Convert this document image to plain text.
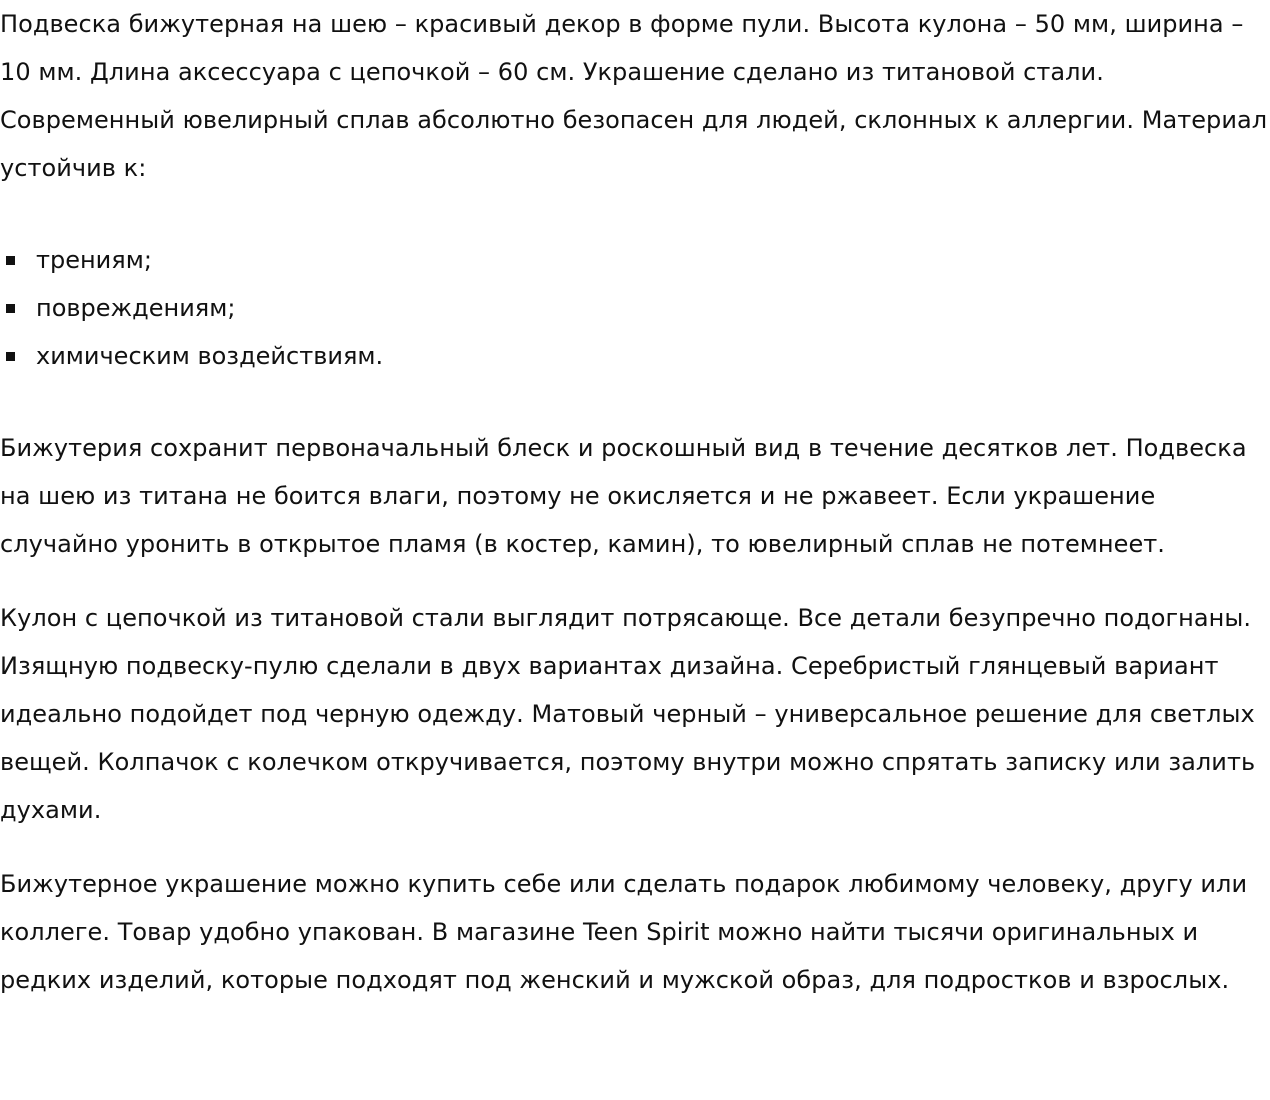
Подвеска бижутерная на шею – красивый декор в форме пули. Высота кулона – 50 мм, ширина – 10 мм. Длина аксессуара с цепочкой – 60 см. Украшение сделано из титановой стали. Современный ювелирный сплав абсолютно безопасен для людей, склонных к аллергии. Материал устойчив к:

трениям;
повреждениям;
химическим воздействиям.

Бижутерия сохранит первоначальный блеск и роскошный вид в течение десятков лет. Подвеска на шею из титана не боится влаги, поэтому не окисляется и не ржавеет. Если украшение случайно уронить в открытое пламя (в костер, камин), то ювелирный сплав не потемнеет.

Кулон с цепочкой из титановой стали выглядит потрясающе. Все детали безупречно подогнаны. Изящную подвеску-пулю сделали в двух вариантах дизайна. Серебристый глянцевый вариант идеально подойдет под черную одежду. Матовый черный – универсальное решение для светлых вещей. Колпачок с колечком откручивается, поэтому внутри можно спрятать записку или залить духами.

Бижутерное украшение можно купить себе или сделать подарок любимому человеку, другу или коллеге. Товар удобно упакован. В магазине Teen Spirit можно найти тысячи оригинальных и редких изделий, которые подходят под женский и мужской образ, для подростков и взрослых.
